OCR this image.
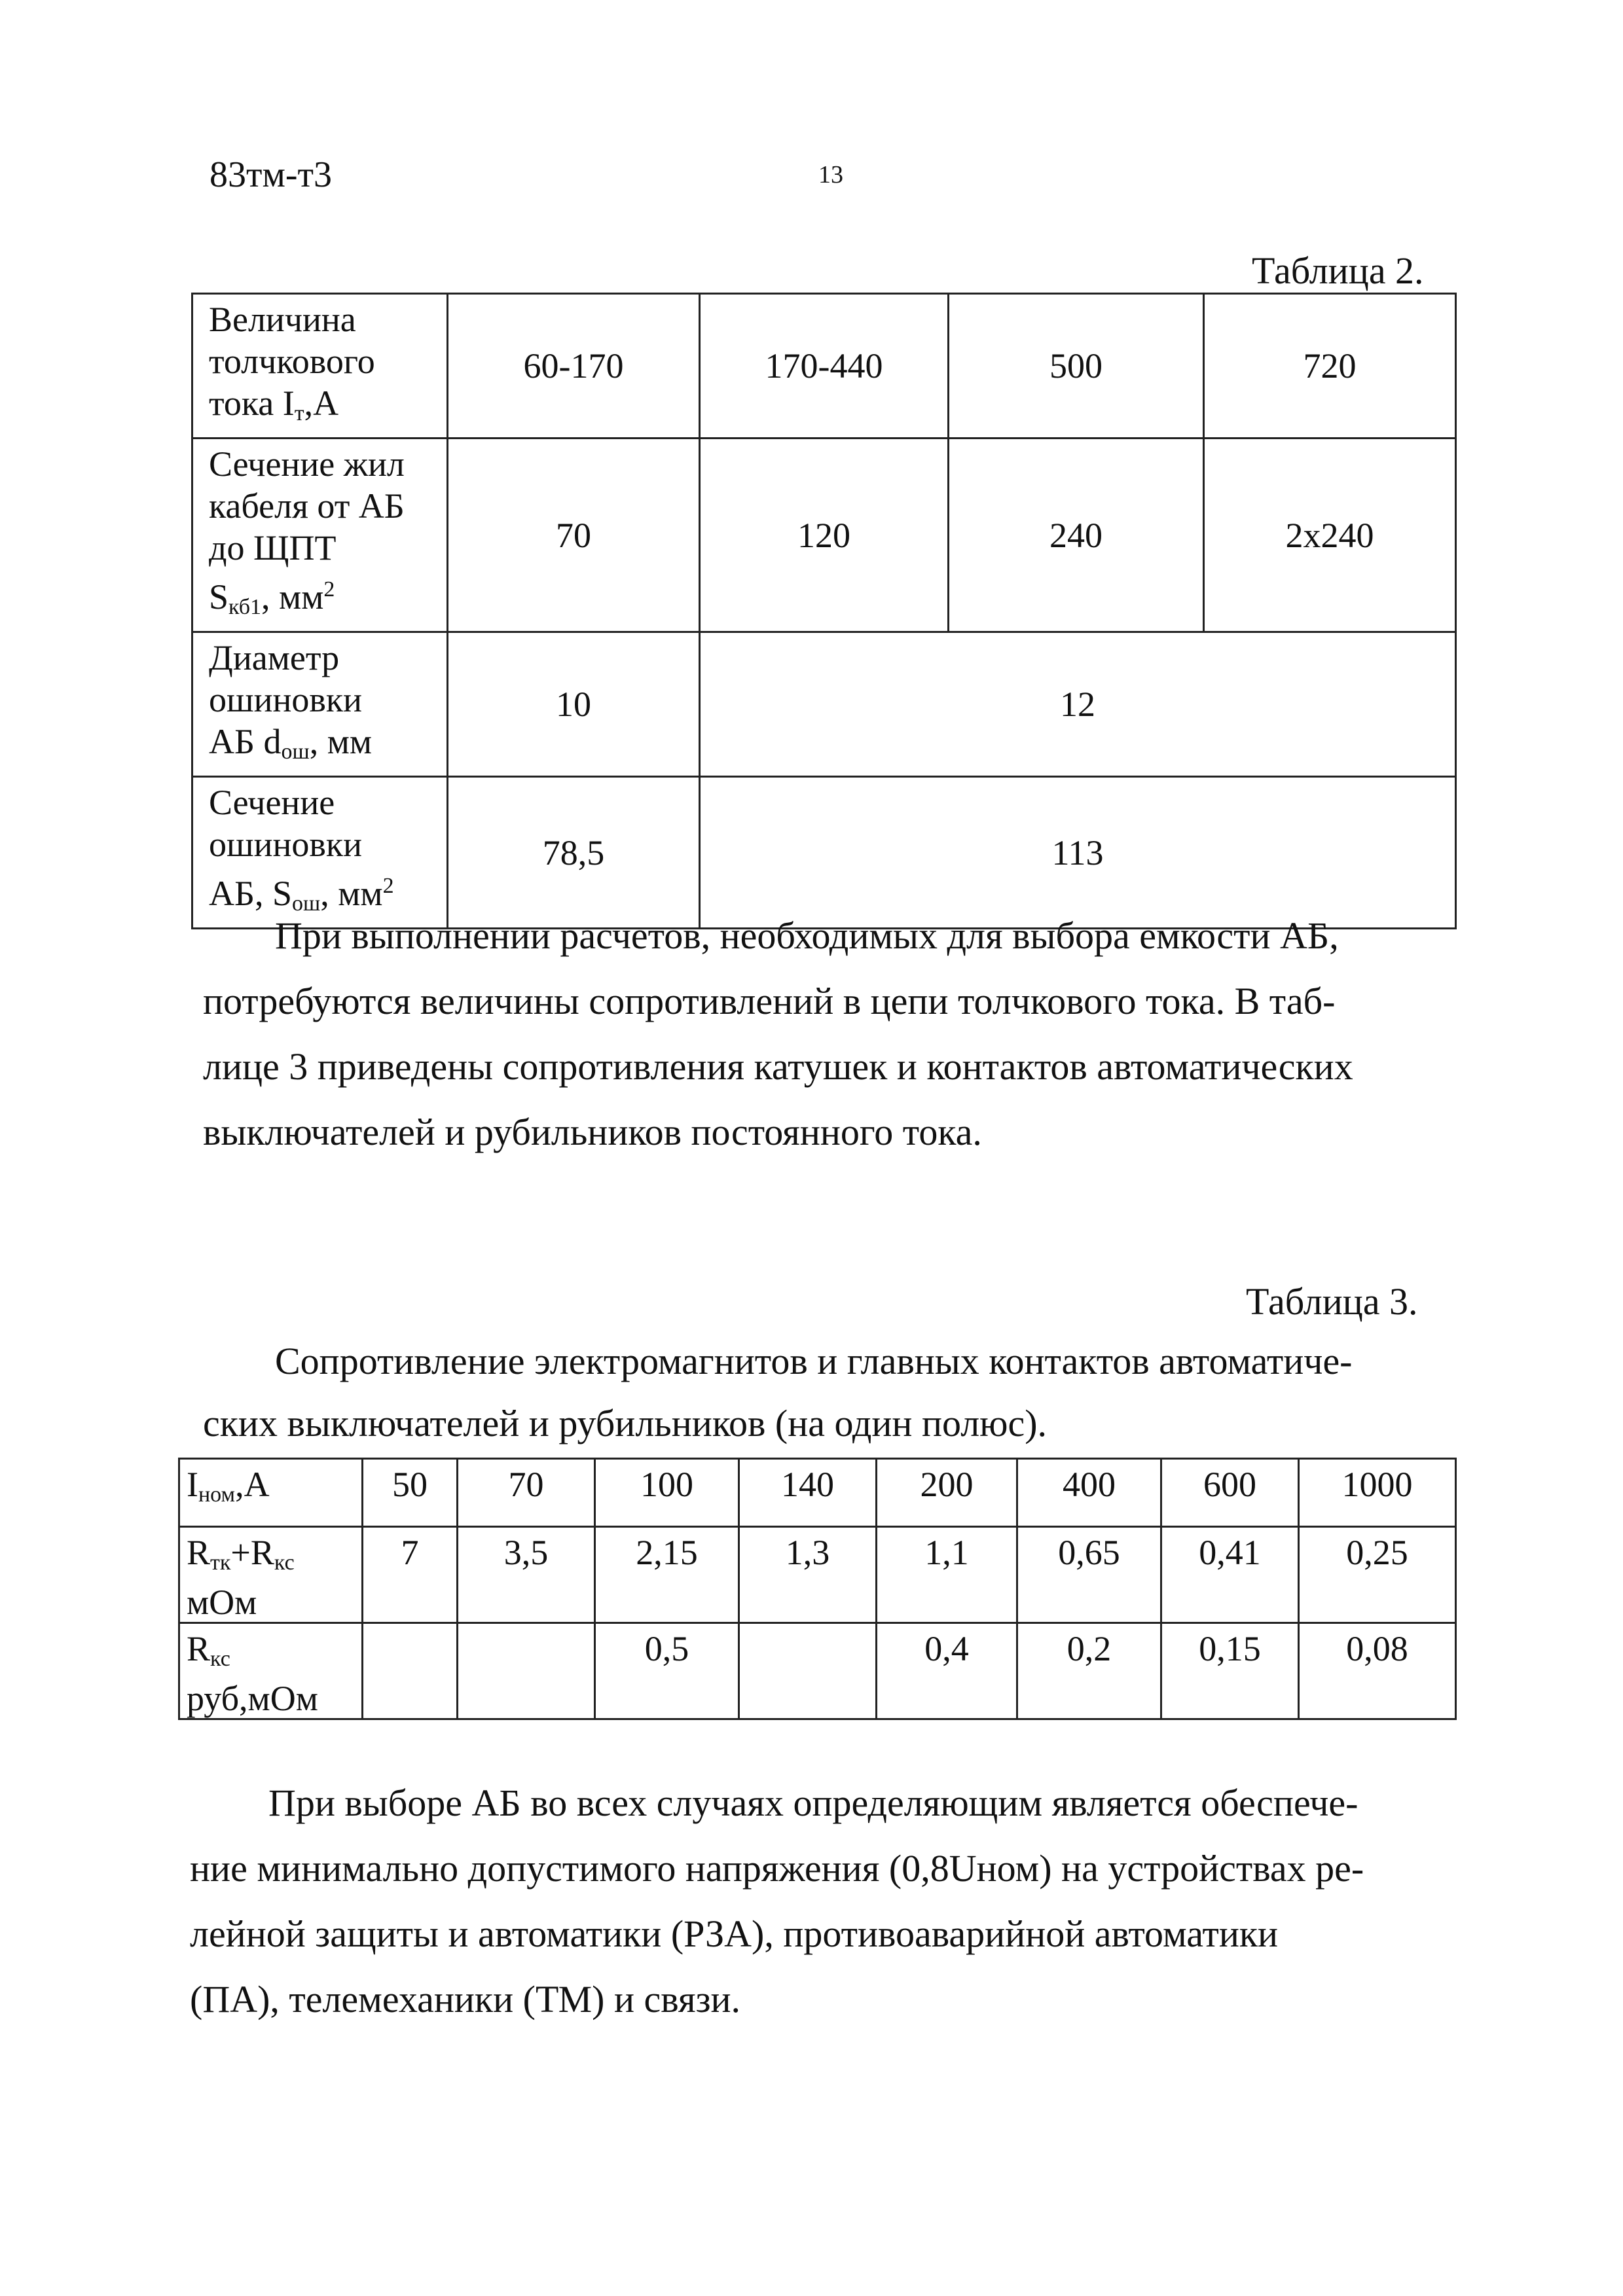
83тм-т3	13
Таблица 2.
Величина
толчкового
тока $I_т,А$	60-170	170-440	500	720

Сечение жил
кабеля от АБ
до ЩПТ
$S_{кб1}$, $мм^2$	70	120	240	2x240

Диаметр
ошиновки
АБ $d_{ош}$, мм	10	12		

Сечение
ошиновки
АБ, $S_{ош}$, $мм^2$	78,5	113		
При выполнении расчетов, необходимых для выбора емкости АБ,
потребуются величины сопротивлений в цепи толчкового тока. В таб-
лице 3 приведены сопротивления катушек и контактов автоматических
выключателей и рубильников постоянного тока.
Таблица 3.
Сопротивление электромагнитов и главных контактов автоматиче-
ских выключателей и рубильников (на один полюс).
$I_{ном},А$	50	70	100	140	200	400	600	1000

$R_{тк}+R_{кс}$
мОм	7	3,5	2,15	1,3	1,1	0,65	0,41	0,25

$R_{кс}$
руб,мОм			0,5		0,4	0,2	0,15	0,08
При выборе АБ во всех случаях определяющим является обеспече-
ние минимально допустимого напряжения (0,8Uном) на устройствах ре-
лейной защиты и автоматики (РЗА), противоаварийной автоматики
(ПА), телемеханики (ТМ) и связи.
